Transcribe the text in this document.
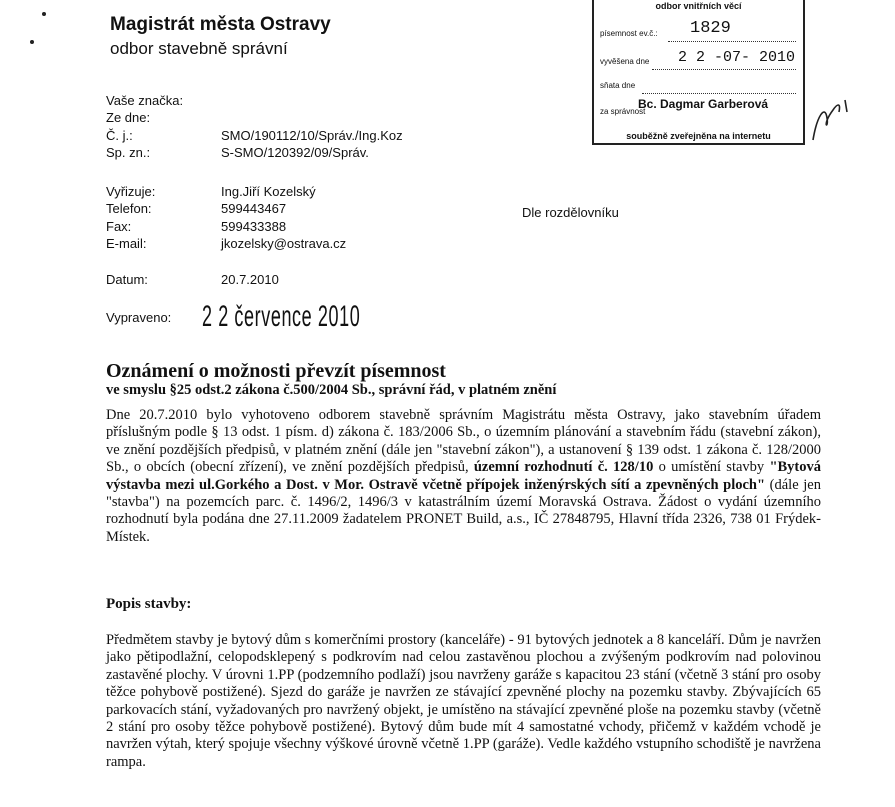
Magistrát města Ostravy
odbor stavebně správní
odbor vnitřních věcí
písemnost ev.č.: 1829
vyvěšena dne 2 2 -07- 2010
sňata dne
za správnost
Bc. Dagmar Garberová
souběžně zveřejněna na internetu
Vaše značka:
Ze dne:
Č. j.:	SMO/190112/10/Správ./Ing.Koz
Sp. zn.:	S-SMO/120392/09/Správ.
Vyřizuje:	Ing.Jiří Kozelský
Telefon:	599443467
Fax:	599433388
E-mail:	jkozelsky@ostrava.cz
Dle rozdělovníku
Datum:	20.7.2010
Vypraveno: 2 2 července 2010
Oznámení o možnosti převzít písemnost
ve smyslu §25 odst.2 zákona č.500/2004 Sb., správní řád, v platném znění
Dne 20.7.2010 bylo vyhotoveno odborem stavebně správním Magistrátu města Ostravy, jako stavebním úřadem příslušným podle § 13 odst. 1 písm. d) zákona č. 183/2006 Sb., o územním plánování a stavebním řádu (stavební zákon), ve znění pozdějších předpisů, v platném znění (dále jen "stavební zákon"), a ustanovení § 139 odst. 1 zákona č. 128/2000 Sb., o obcích (obecní zřízení), ve znění pozdějších předpisů, územní rozhodnutí č. 128/10 o umístění stavby "Bytová výstavba mezi ul.Gorkého a Dost. v Mor. Ostravě včetně přípojek inženýrských sítí a zpevněných ploch" (dále jen "stavba") na pozemcích parc. č. 1496/2, 1496/3 v katastrálním území Moravská Ostrava. Žádost o vydání územního rozhodnutí byla podána dne 27.11.2009 žadatelem PRONET Build, a.s., IČ 27848795, Hlavní třída 2326, 738 01 Frýdek-Místek.
Popis stavby:
Předmětem stavby je bytový dům s komerčními prostory (kanceláře) - 91 bytových jednotek a 8 kanceláří. Dům je navržen jako pětipodlažní, celopodsklepený s podkrovím nad celou zastavěnou plochou a zvýšeným podkrovím nad polovinou zastavěné plochy. V úrovni 1.PP (podzemního podlaží) jsou navrženy garáže s kapacitou 23 stání (včetně 3 stání pro osoby těžce pohybově postižené). Sjezd do garáže je navržen ze stávající zpevněné plochy na pozemku stavby. Zbývajících 65 parkovacích stání, vyžadovaných pro navržený objekt, je umístěno na stávající zpevněné ploše na pozemku stavby (včetně 2 stání pro osoby těžce pohybově postižené). Bytový dům bude mít 4 samostatné vchody, přičemž v každém vchodě je navržen výtah, který spojuje všechny výškové úrovně včetně 1.PP (garáže). Vedle každého vstupního schodiště je navržena rampa.
